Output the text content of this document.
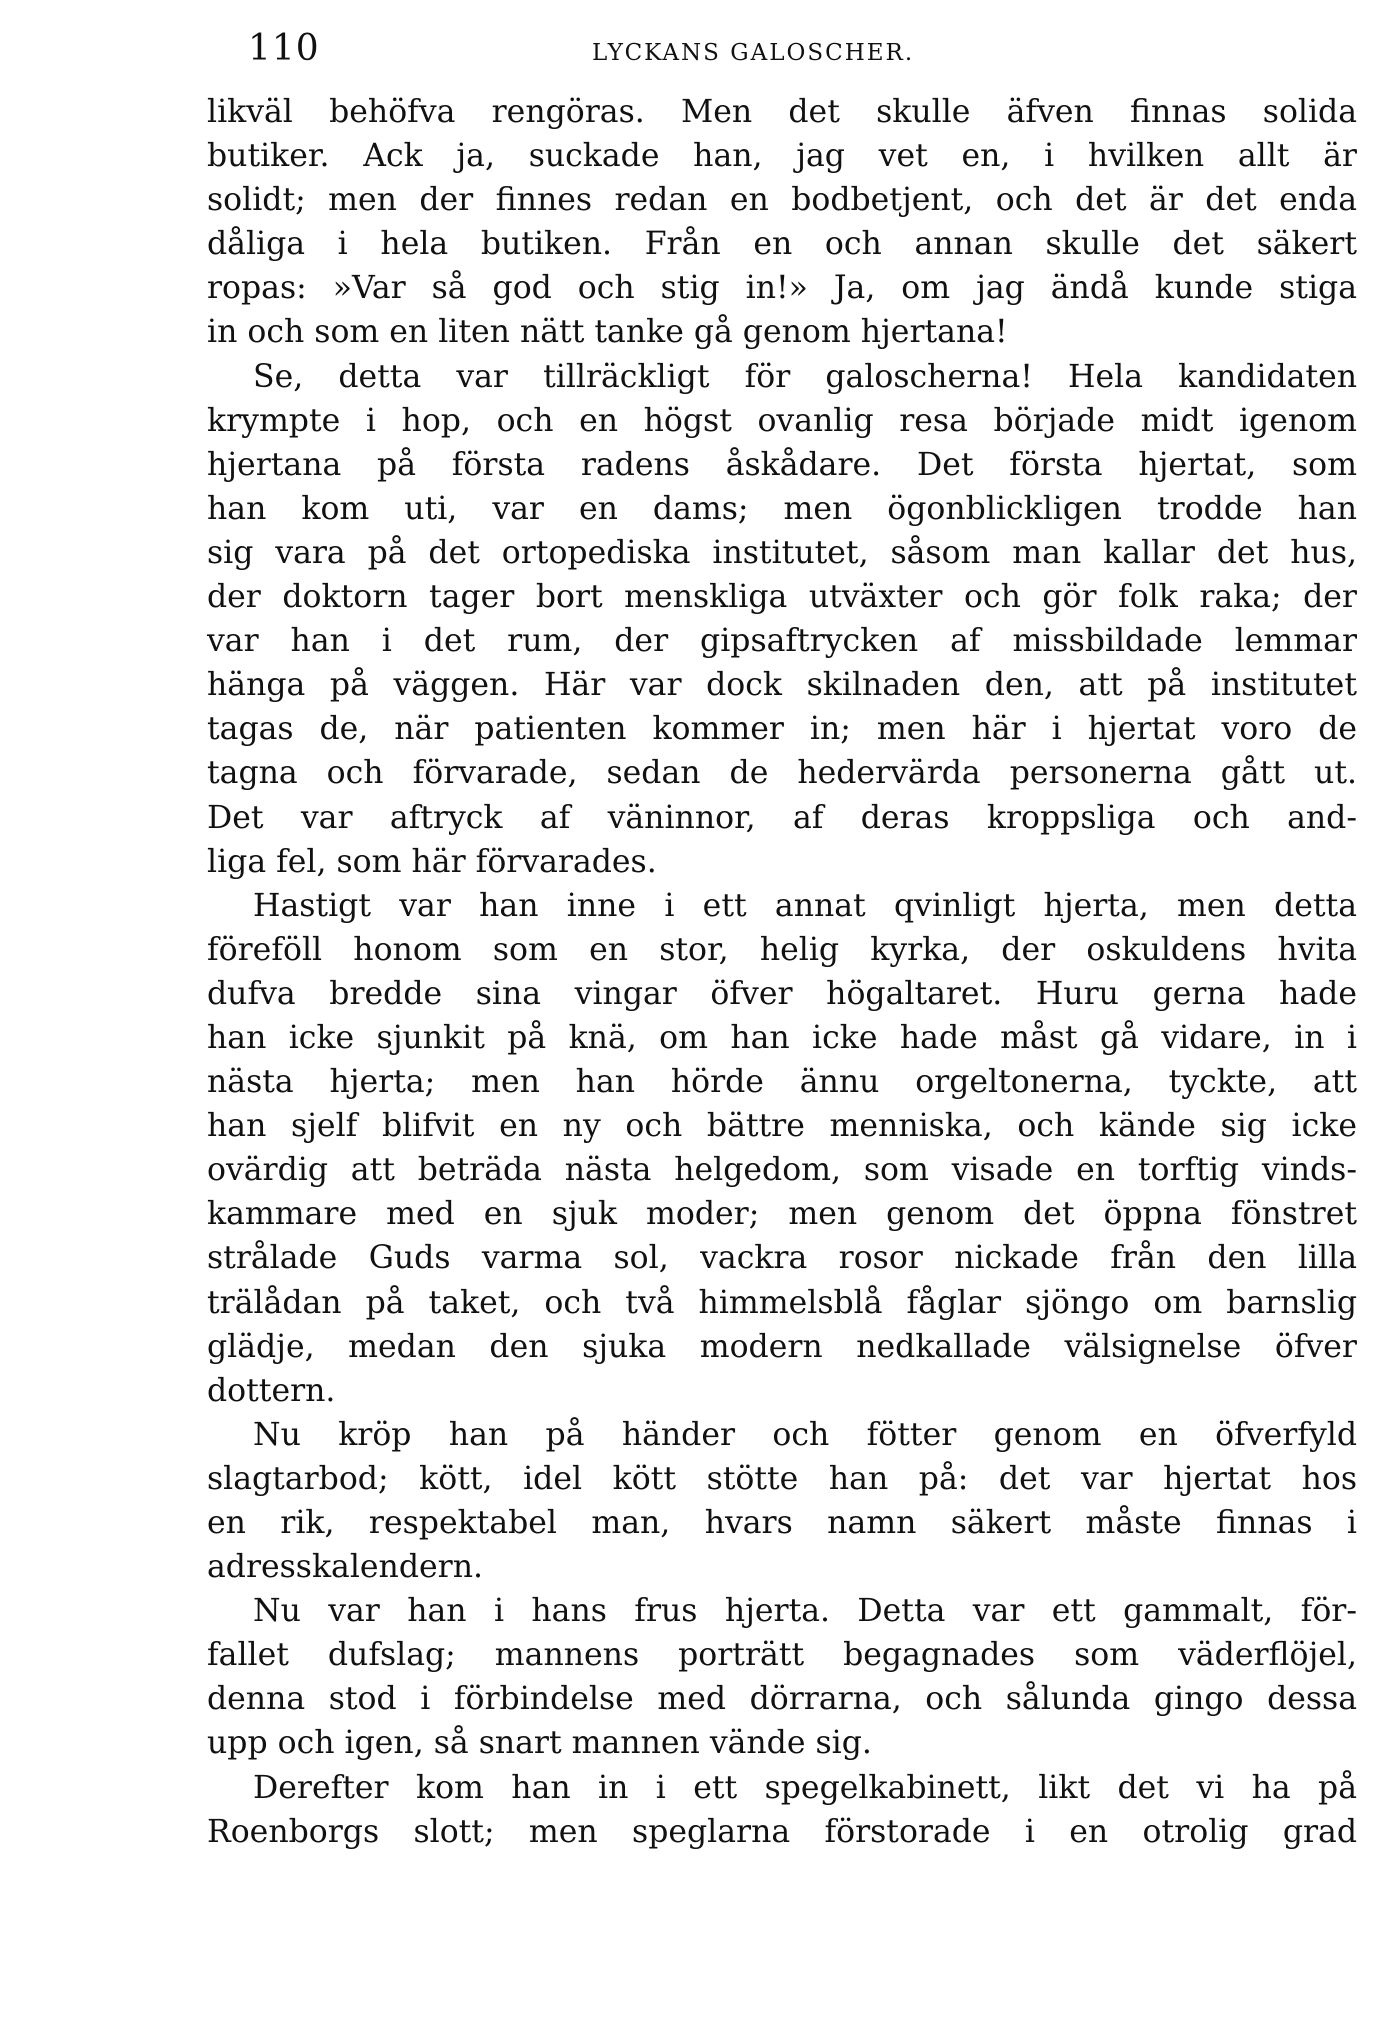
110	LYCKANS GALOSCHER.
likväl behöfva rengöras. Men det skulle äfven finnas solida
butiker. Ack ja, suckade han, jag vet en, i hvilken allt är
solidt; men der finnes redan en bodbetjent, och det är det enda
dåliga i hela butiken. Från en och annan skulle det säkert
ropas: »Var så god och stig in!» Ja, om jag ändå kunde stiga
in och som en liten nätt tanke gå genom hjertana!
Se, detta var tillräckligt för galoscherna! Hela kandidaten
krympte i hop, och en högst ovanlig resa började midt igenom
hjertana på första radens åskådare. Det första hjertat, som
han kom uti, var en dams; men ögonblickligen trodde han
sig vara på det ortopediska institutet, såsom man kallar det hus,
der doktorn tager bort menskliga utväxter och gör folk raka; der
var han i det rum, der gipsaftrycken af missbildade lemmar
hänga på väggen. Här var dock skilnaden den, att på institutet
tagas de, när patienten kommer in; men här i hjertat voro de
tagna och förvarade, sedan de hedervärda personerna gått ut.
Det var aftryck af väninnor, af deras kroppsliga och and-
liga fel, som här förvarades.
Hastigt var han inne i ett annat qvinligt hjerta, men detta
föreföll honom som en stor, helig kyrka, der oskuldens hvita
dufva bredde sina vingar öfver högaltaret. Huru gerna hade
han icke sjunkit på knä, om han icke hade måst gå vidare, in i
nästa hjerta; men han hörde ännu orgeltonerna, tyckte, att
han sjelf blifvit en ny och bättre menniska, och kände sig icke
ovärdig att beträda nästa helgedom, som visade en torftig vinds-
kammare med en sjuk moder; men genom det öppna fönstret
strålade Guds varma sol, vackra rosor nickade från den lilla
trälådan på taket, och två himmelsblå fåglar sjöngo om barnslig
glädje, medan den sjuka modern nedkallade välsignelse öfver
dottern.
Nu kröp han på händer och fötter genom en öfverfyld
slagtarbod; kött, idel kött stötte han på: det var hjertat hos
en rik, respektabel man, hvars namn säkert måste finnas i
adresskalendern.
Nu var han i hans frus hjerta. Detta var ett gammalt, för-
fallet dufslag; mannens porträtt begagnades som väderflöjel,
denna stod i förbindelse med dörrarna, och sålunda gingo dessa
upp och igen, så snart mannen vände sig.
Derefter kom han in i ett spegelkabinett, likt det vi ha på
Roenborgs slott; men speglarna förstorade i en otrolig grad
